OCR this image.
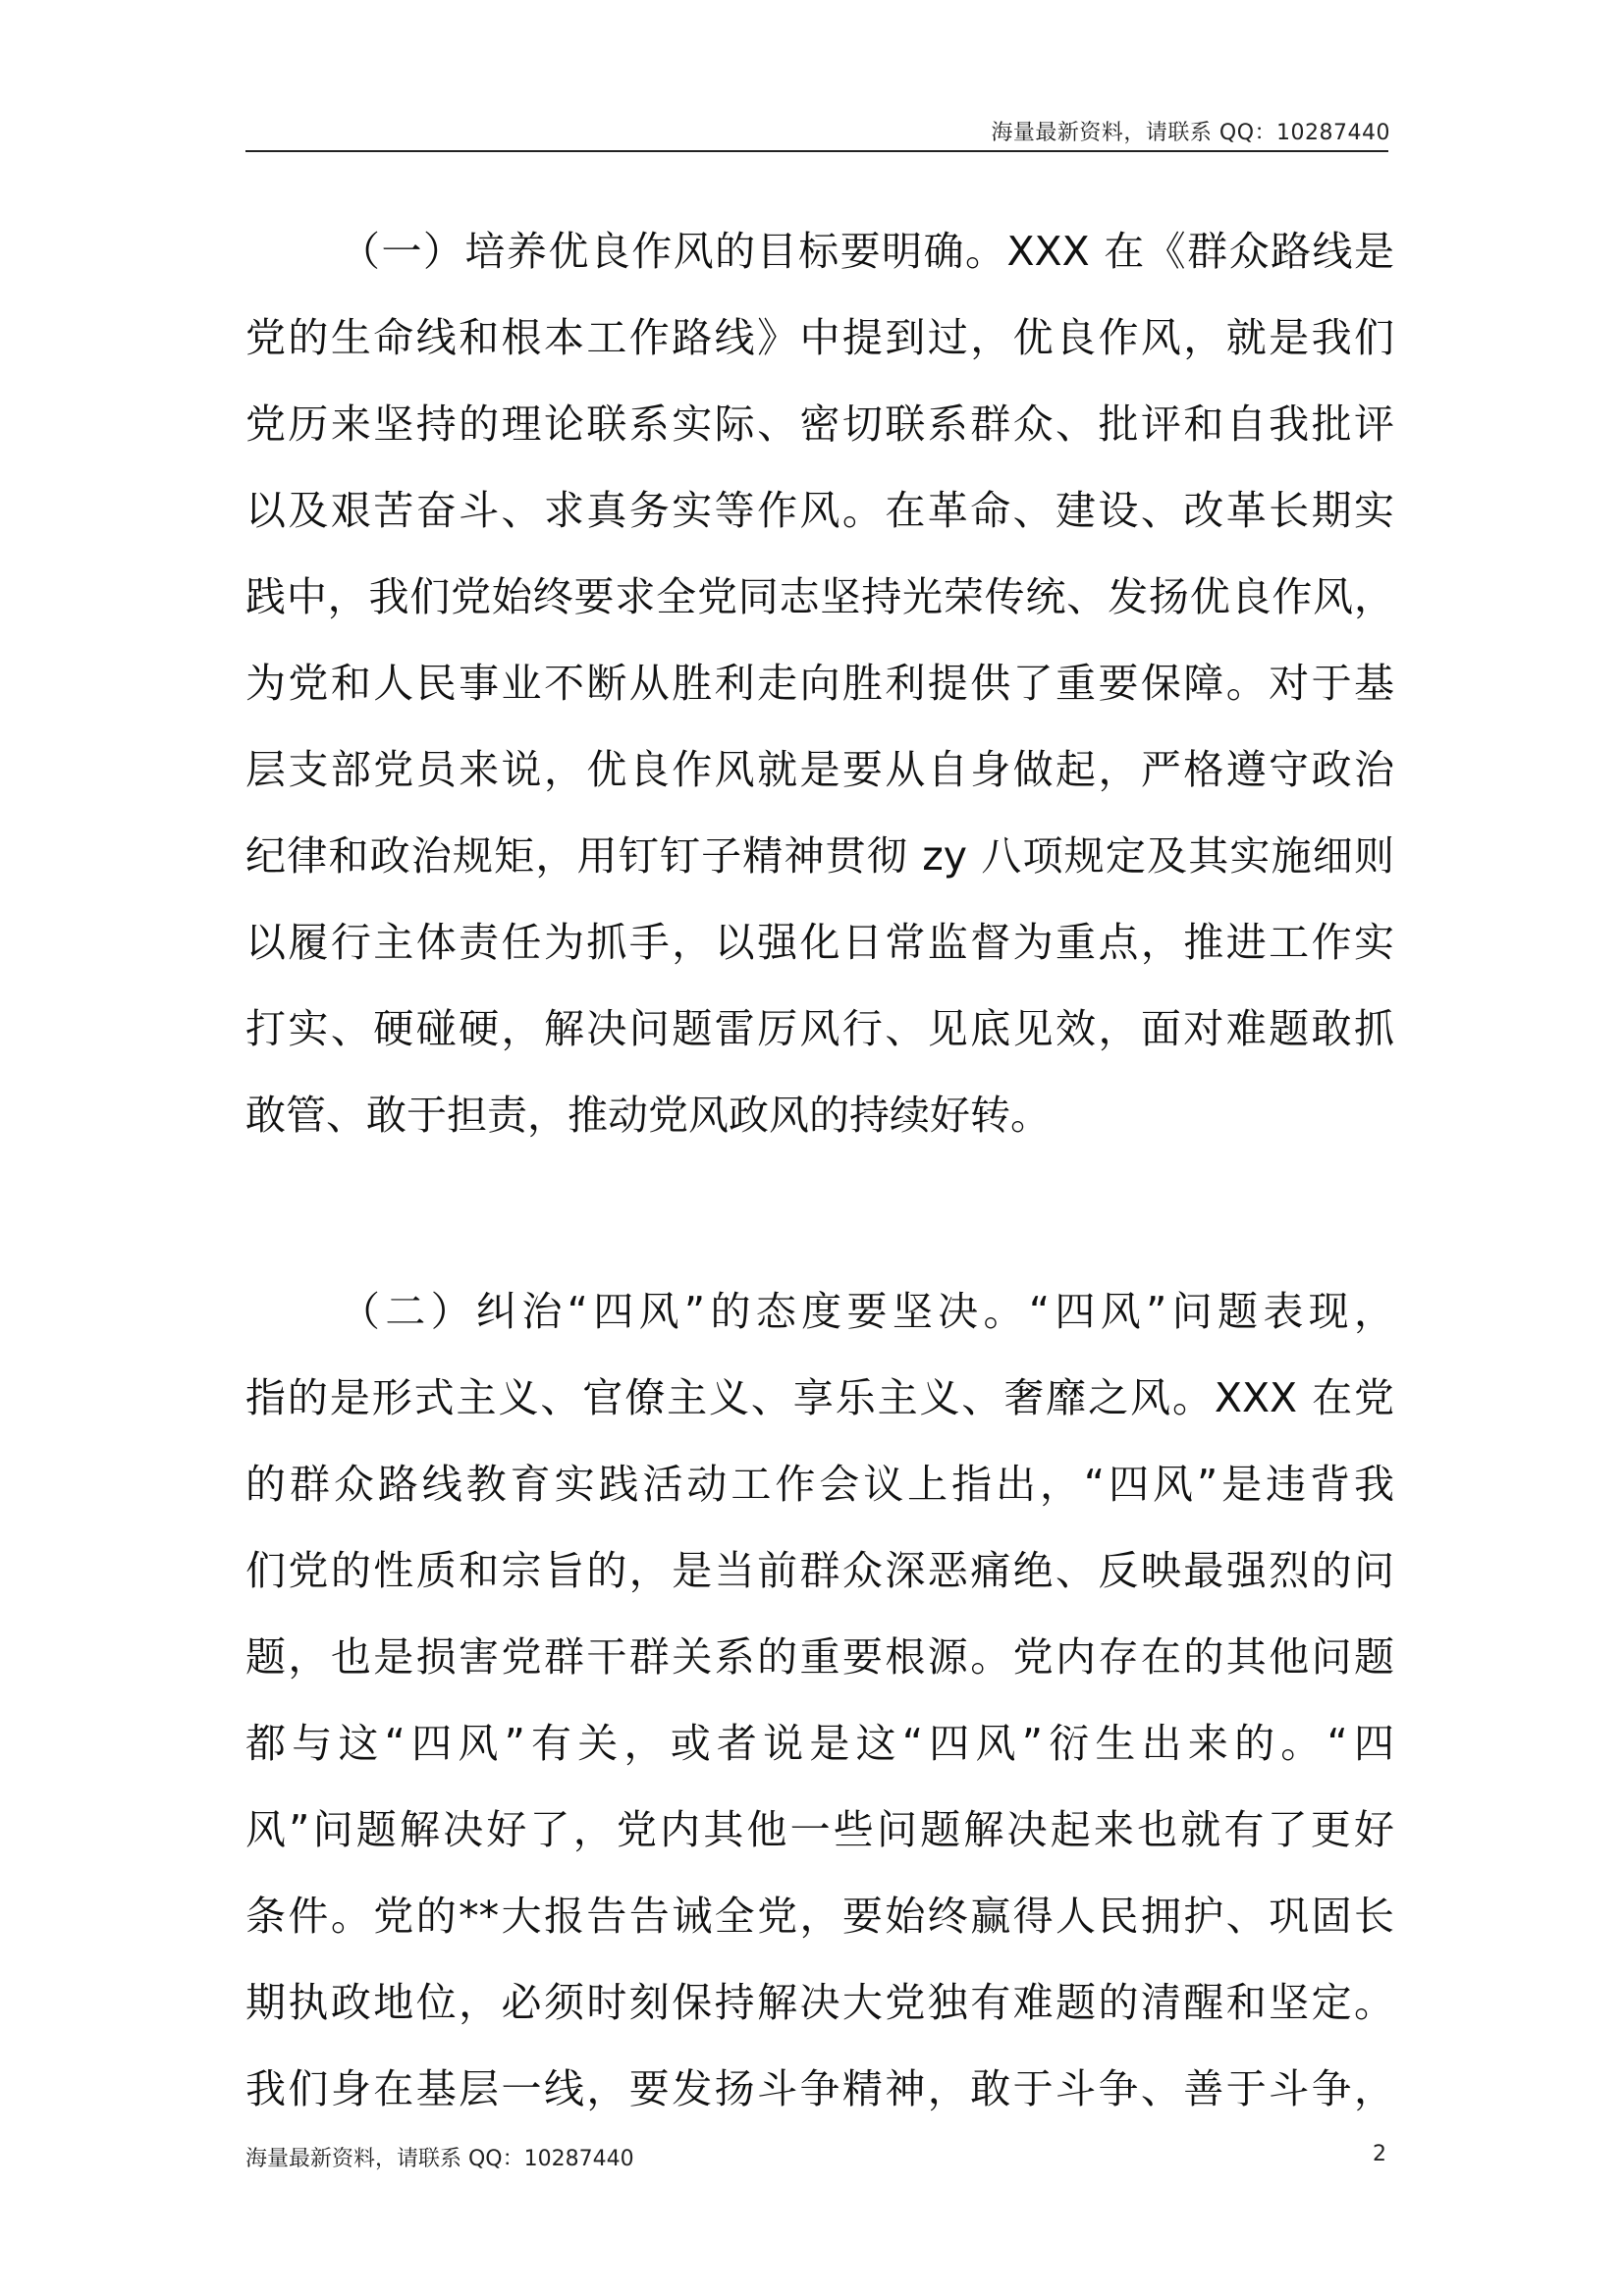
海量最新资料，请联系 QQ：10287440
（一）培养优良作风的目标要明确。XXX 在《群众路线是
党的生命线和根本工作路线》中提到过，优良作风，就是我们
党历来坚持的理论联系实际、密切联系群众、批评和自我批评
以及艰苦奋斗、求真务实等作风。在革命、建设、改革长期实
践中，我们党始终要求全党同志坚持光荣传统、发扬优良作风，
为党和人民事业不断从胜利走向胜利提供了重要保障。对于基
层支部党员来说，优良作风就是要从自身做起，严格遵守政治
纪律和政治规矩，用钉钉子精神贯彻 zy 八项规定及其实施细则
以履行主体责任为抓手，以强化日常监督为重点，推进工作实
打实、硬碰硬，解决问题雷厉风行、见底见效，面对难题敢抓
敢管、敢于担责，推动党风政风的持续好转。
（二）纠治“四风”的态度要坚决。“四风”问题表现，
指的是形式主义、官僚主义、享乐主义、奢靡之风。XXX 在党
的群众路线教育实践活动工作会议上指出，“四风”是违背我
们党的性质和宗旨的，是当前群众深恶痛绝、反映最强烈的问
题，也是损害党群干群关系的重要根源。党内存在的其他问题
都与这“四风”有关，或者说是这“四风”衍生出来的。“四
风”问题解决好了，党内其他一些问题解决起来也就有了更好
条件。党的**大报告告诫全党，要始终赢得人民拥护、巩固长
期执政地位，必须时刻保持解决大党独有难题的清醒和坚定。
我们身在基层一线，要发扬斗争精神，敢于斗争、善于斗争，
海量最新资料，请联系 QQ：10287440	2
